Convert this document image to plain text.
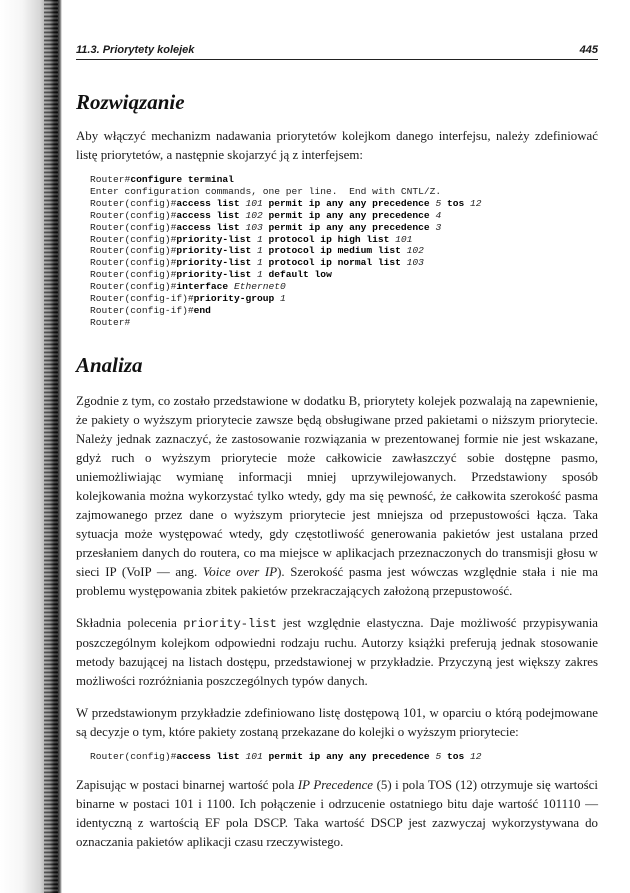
11.3. Priorytety kolejek	445
Rozwiązanie

Aby włączyć mechanizm nadawania priorytetów kolejkom danego interfejsu, należy zdefiniować listę priorytetów, a następnie skojarzyć ją z interfejsem:

Router#configure terminal
Enter configuration commands, one per line.  End with CNTL/Z.
Router(config)#access list 101 permit ip any any precedence 5 tos 12
Router(config)#access list 102 permit ip any any precedence 4
Router(config)#access list 103 permit ip any any precedence 3
Router(config)#priority-list 1 protocol ip high list 101
Router(config)#priority-list 1 protocol ip medium list 102
Router(config)#priority-list 1 protocol ip normal list 103
Router(config)#priority-list 1 default low
Router(config)#interface Ethernet0
Router(config-if)#priority-group 1
Router(config-if)#end
Router#
Analiza

Zgodnie z tym, co zostało przedstawione w dodatku B, priorytety kolejek pozwalają na zapewnienie, że pakiety o wyższym priorytecie zawsze będą obsługiwane przed pakietami o niższym priorytecie. Należy jednak zaznaczyć, że zastosowanie rozwiązania w prezentowanej formie nie jest wskazane, gdyż ruch o wyższym priorytecie może całkowicie zawłaszczyć sobie dostępne pasmo, uniemożliwiając wymianę informacji mniej uprzywilejowanych. Przedstawiony sposób kolejkowania można wykorzystać tylko wtedy, gdy ma się pewność, że całkowita szerokość pasma zajmowanego przez dane o wyższym priorytecie jest mniejsza od przepustowości łącza. Taka sytuacja może występować wtedy, gdy częstotliwość generowania pakietów jest ustalana przed przesłaniem danych do routera, co ma miejsce w aplikacjach przeznaczonych do transmisji głosu w sieci IP (VoIP — ang. Voice over IP). Szerokość pasma jest wówczas względnie stała i nie ma problemu występowania zbitek pakietów przekraczających założoną przepustowość.

Składnia polecenia priority-list jest względnie elastyczna. Daje możliwość przypisywania poszczególnym kolejkom odpowiedni rodzaju ruchu. Autorzy książki preferują jednak stosowanie metody bazującej na listach dostępu, przedstawionej w przykładzie. Przyczyną jest większy zakres możliwości rozróżniania poszczególnych typów danych.

W przedstawionym przykładzie zdefiniowano listę dostępową 101, w oparciu o którą podejmowane są decyzje o tym, które pakiety zostaną przekazane do kolejki o wyższym priorytecie:

Router(config)#access list 101 permit ip any any precedence 5 tos 12

Zapisując w postaci binarnej wartość pola IP Precedence (5) i pola TOS (12) otrzymuje się wartości binarne w postaci 101 i 1100. Ich połączenie i odrzucenie ostatniego bitu daje wartość 101110 — identyczną z wartością EF pola DSCP. Taka wartość DSCP jest zazwyczaj wykorzystywana do oznaczania pakietów aplikacji czasu rzeczywistego.
